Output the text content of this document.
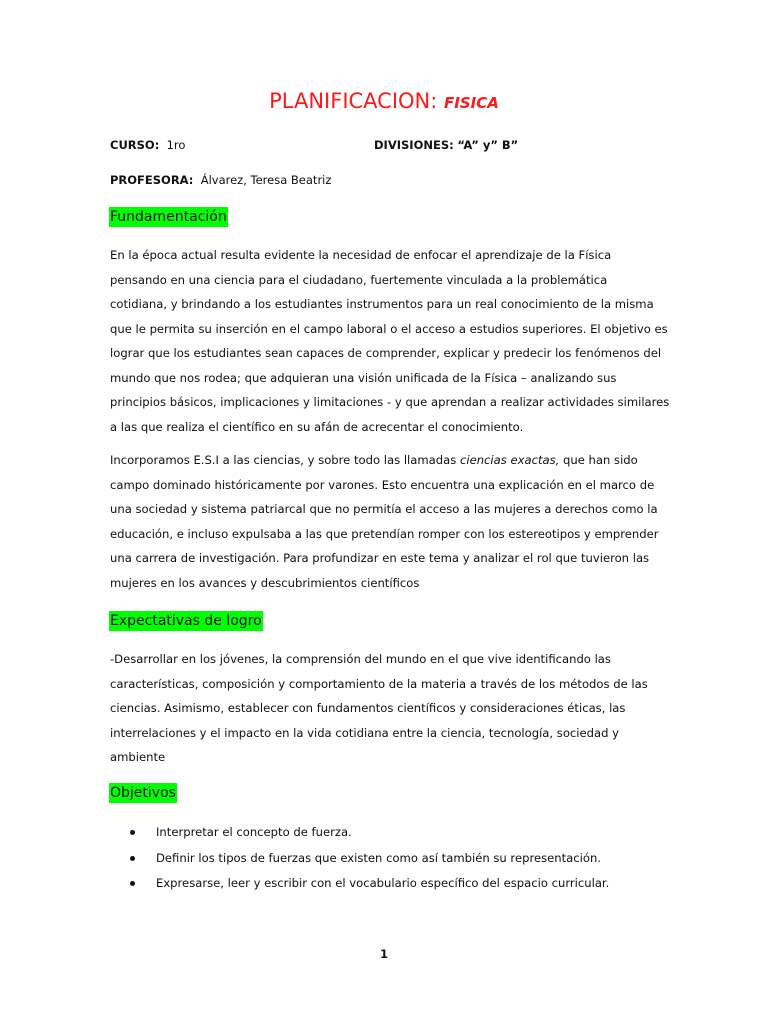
PLANIFICACION: FISICA
CURSO: 1ro	DIVISIONES: “A” y” B”
PROFESORA: Álvarez, Teresa Beatriz
Fundamentación

En la época actual resulta evidente la necesidad de enfocar el aprendizaje de la Física

pensando en una ciencia para el ciudadano, fuertemente vinculada a la problemática

cotidiana, y brindando a los estudiantes instrumentos para un real conocimiento de la misma

que le permita su inserción en el campo laboral o el acceso a estudios superiores. El objetivo es

lograr que los estudiantes sean capaces de comprender, explicar y predecir los fenómenos del

mundo que nos rodea; que adquieran una visión unificada de la Física – analizando sus

principios básicos, implicaciones y limitaciones - y que aprendan a realizar actividades similares

a las que realiza el científico en su afán de acrecentar el conocimiento.

Incorporamos E.S.I a las ciencias, y sobre todo las llamadas ciencias exactas, que han sido

campo dominado históricamente por varones. Esto encuentra una explicación en el marco de

una sociedad y sistema patriarcal que no permitía el acceso a las mujeres a derechos como la

educación, e incluso expulsaba a las que pretendían romper con los estereotipos y emprender

una carrera de investigación. Para profundizar en este tema y analizar el rol que tuvieron las

mujeres en los avances y descubrimientos científicos

Expectativas de logro

-Desarrollar en los jóvenes, la comprensión del mundo en el que vive identificando las

características, composición y comportamiento de la materia a través de los métodos de las

ciencias. Asimismo, establecer con fundamentos científicos y consideraciones éticas, las

interrelaciones y el impacto en la vida cotidiana entre la ciencia, tecnología, sociedad y

ambiente

Objetivos
Interpretar el concepto de fuerza.
Definir los tipos de fuerzas que existen como así también su representación.
Expresarse, leer y escribir con el vocabulario específico del espacio curricular.
1
